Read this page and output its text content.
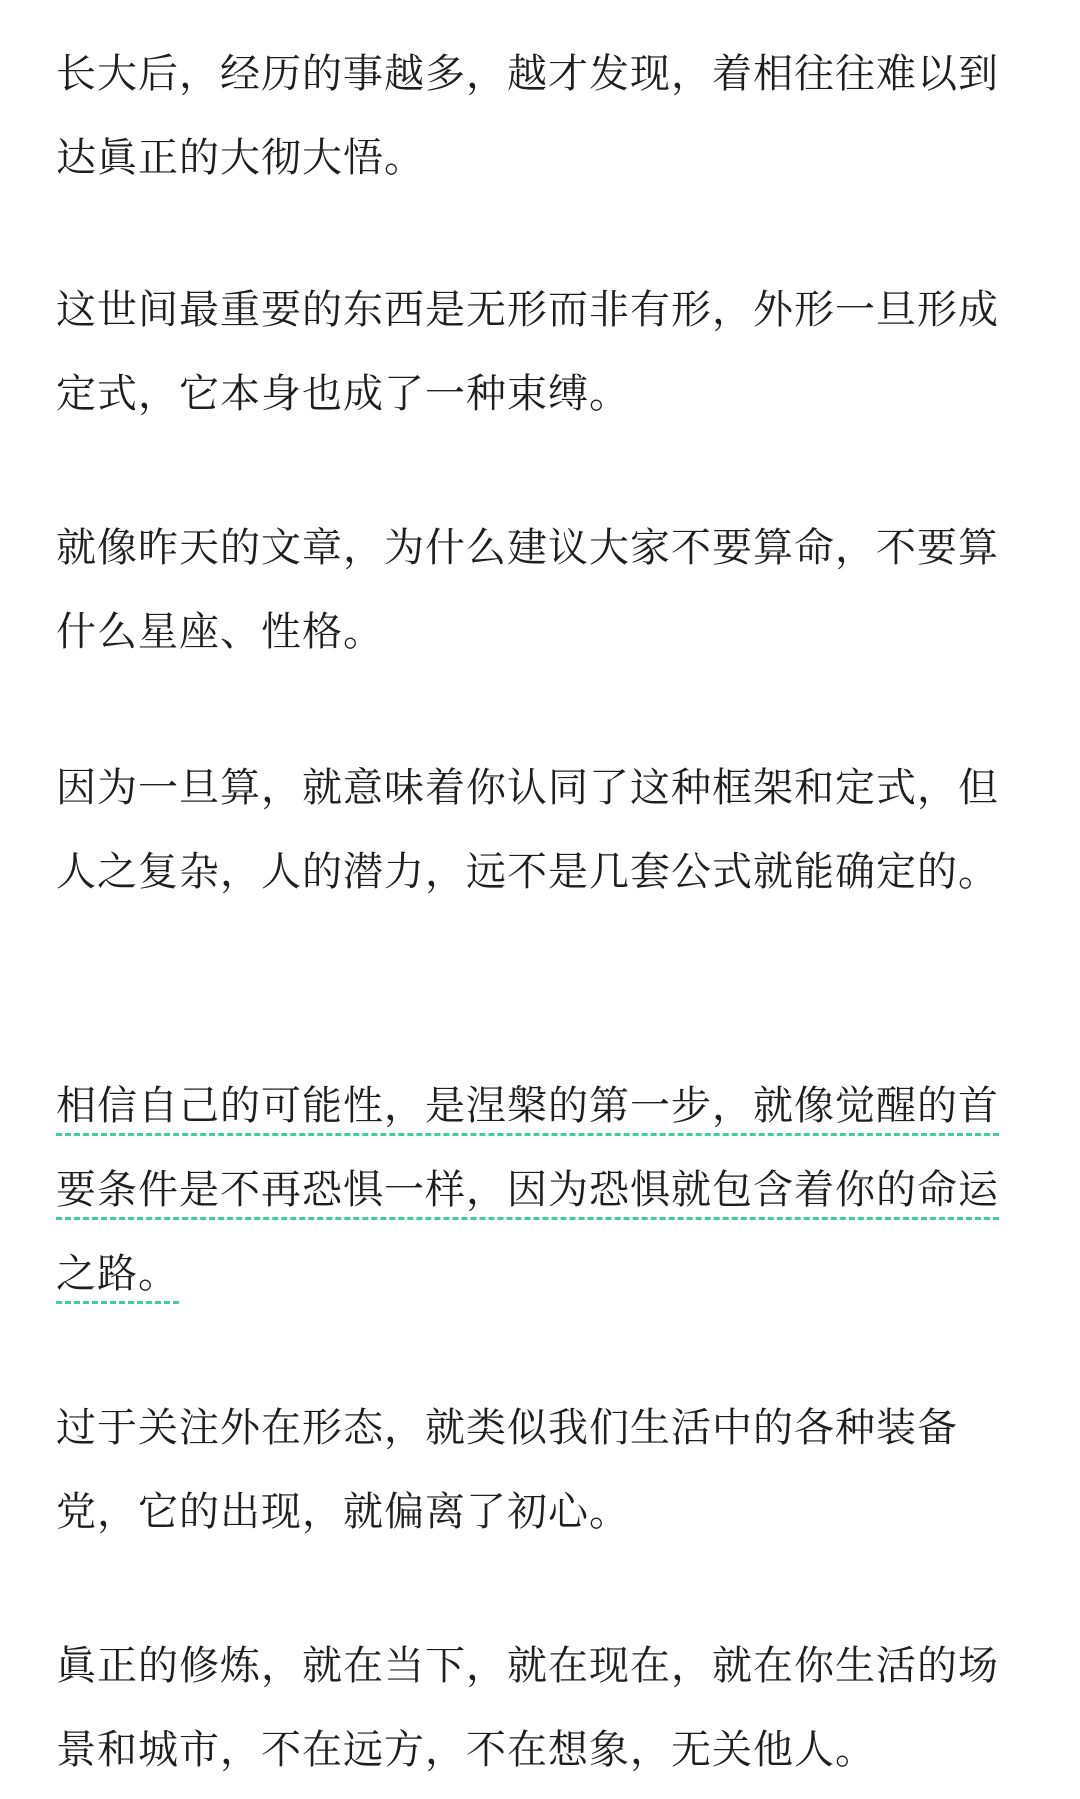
长大后，经历的事越多，越才发现，着相往往难以到达眞正的大彻大悟。

这世间最重要的东西是无形而非有形，外形一旦形成定式，它本身也成了一种束缚。

就像昨天的文章，为什么建议大家不要算命，不要算什么星座、性格。

因为一旦算，就意味着你认同了这种框架和定式，但人之复杂，人的潜力，远不是几套公式就能确定的。

相信自己的可能性，是涅槃的第一步，就像觉醒的首要条件是不再恐惧一样，因为恐惧就包含着你的命运之路。

过于关注外在形态，就类似我们生活中的各种装备党，它的出现，就偏离了初心。

眞正的修炼，就在当下，就在现在，就在你生活的场景和城市，不在远方，不在想象，无关他人。
